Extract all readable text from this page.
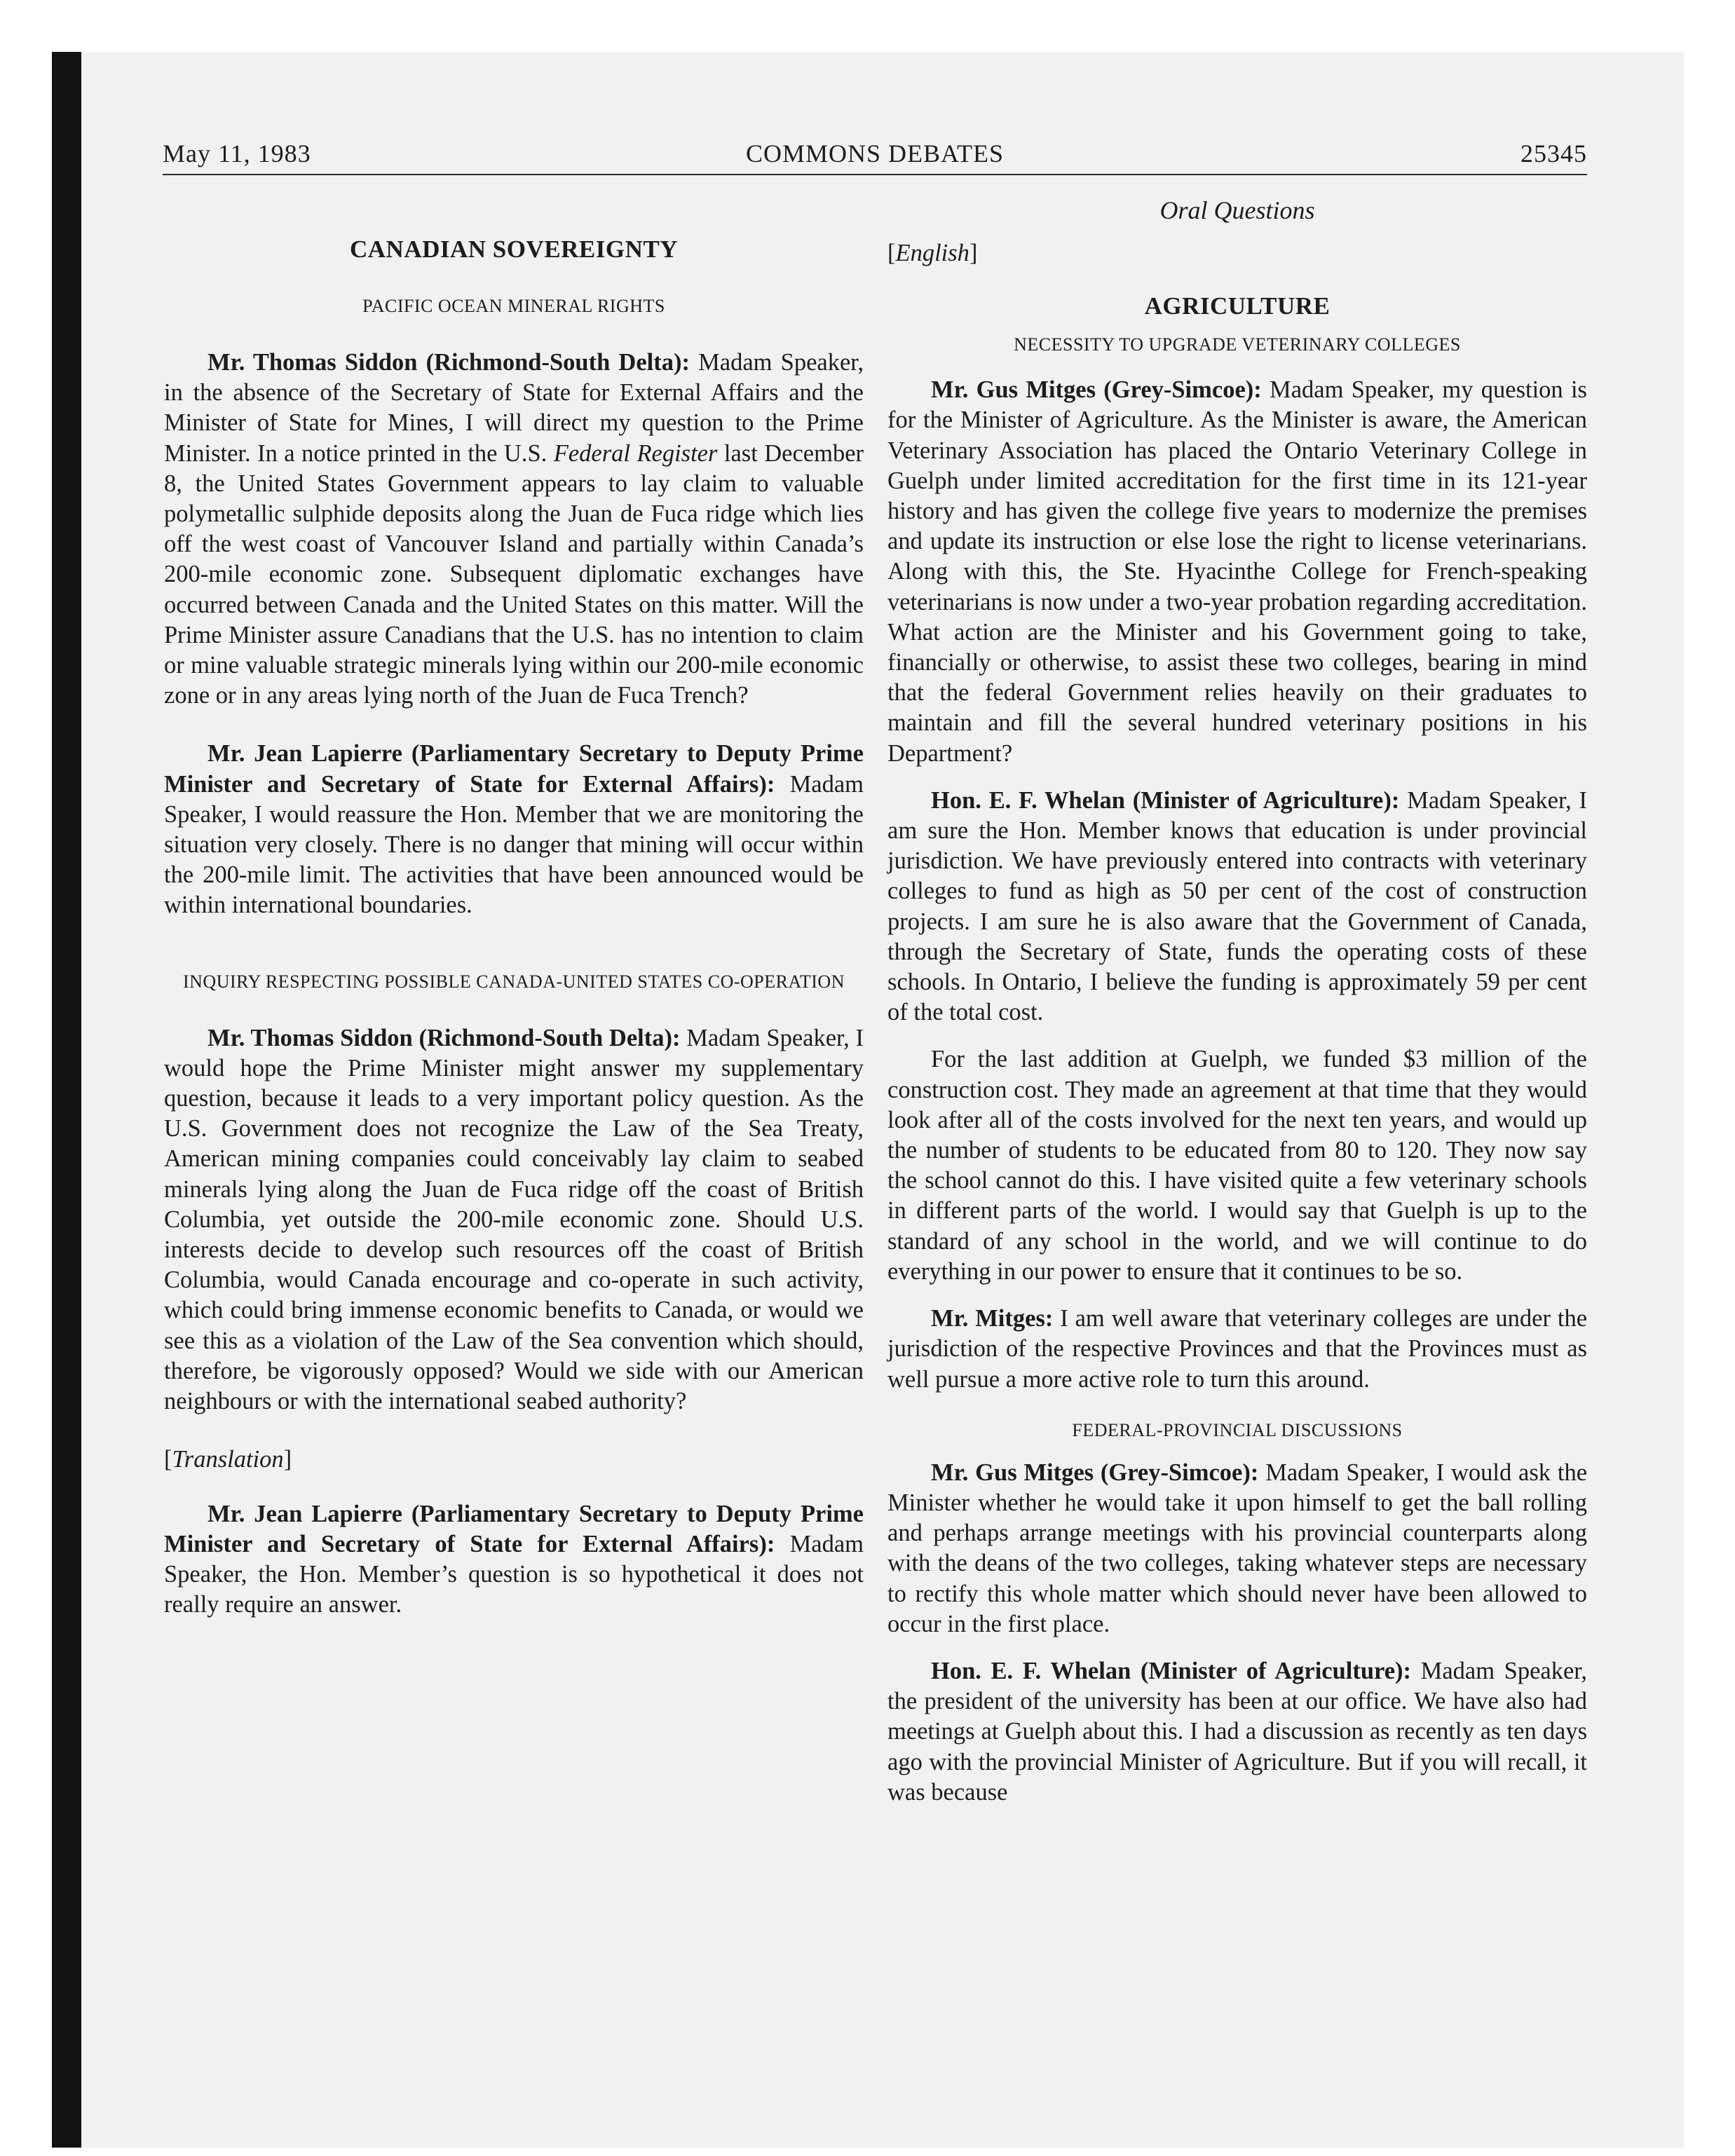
May 11, 1983	COMMONS DEBATES	25345
CANADIAN SOVEREIGNTY
PACIFIC OCEAN MINERAL RIGHTS

Mr. Thomas Siddon (Richmond-South Delta): Madam Speaker, in the absence of the Secretary of State for External Affairs and the Minister of State for Mines, I will direct my question to the Prime Minister. In a notice printed in the U.S. Federal Register last December 8, the United States Government appears to lay claim to valuable polymetallic sulphide deposits along the Juan de Fuca ridge which lies off the west coast of Vancouver Island and partially within Canada’s 200-mile economic zone. Subsequent diplomatic exchanges have occurred between Canada and the United States on this matter. Will the Prime Minister assure Canadians that the U.S. has no intention to claim or mine valuable strategic minerals lying within our 200-mile economic zone or in any areas lying north of the Juan de Fuca Trench?

Mr. Jean Lapierre (Parliamentary Secretary to Deputy Prime Minister and Secretary of State for External Affairs): Madam Speaker, I would reassure the Hon. Member that we are monitoring the situation very closely. There is no danger that mining will occur within the 200-mile limit. The activities that have been announced would be within international boundaries.

INQUIRY RESPECTING POSSIBLE CANADA-UNITED STATES CO-OPERATION

Mr. Thomas Siddon (Richmond-South Delta): Madam Speaker, I would hope the Prime Minister might answer my supplementary question, because it leads to a very important policy question. As the U.S. Government does not recognize the Law of the Sea Treaty, American mining companies could conceivably lay claim to seabed minerals lying along the Juan de Fuca ridge off the coast of British Columbia, yet outside the 200-mile economic zone. Should U.S. interests decide to develop such resources off the coast of British Columbia, would Canada encourage and co-operate in such activity, which could bring immense economic benefits to Canada, or would we see this as a violation of the Law of the Sea convention which should, therefore, be vigorously opposed? Would we side with our American neighbours or with the international seabed authority?

[Translation]

Mr. Jean Lapierre (Parliamentary Secretary to Deputy Prime Minister and Secretary of State for External Affairs): Madam Speaker, the Hon. Member’s question is so hypothetical it does not really require an answer.

Oral Questions

[English]

AGRICULTURE
NECESSITY TO UPGRADE VETERINARY COLLEGES

Mr. Gus Mitges (Grey-Simcoe): Madam Speaker, my question is for the Minister of Agriculture. As the Minister is aware, the American Veterinary Association has placed the Ontario Veterinary College in Guelph under limited accreditation for the first time in its 121-year history and has given the college five years to modernize the premises and update its instruction or else lose the right to license veterinarians. Along with this, the Ste. Hyacinthe College for French-speaking veterinarians is now under a two-year probation regarding accreditation. What action are the Minister and his Government going to take, financially or otherwise, to assist these two colleges, bearing in mind that the federal Government relies heavily on their graduates to maintain and fill the several hundred veterinary positions in his Department?

Hon. E. F. Whelan (Minister of Agriculture): Madam Speaker, I am sure the Hon. Member knows that education is under provincial jurisdiction. We have previously entered into contracts with veterinary colleges to fund as high as 50 per cent of the cost of construction projects. I am sure he is also aware that the Government of Canada, through the Secretary of State, funds the operating costs of these schools. In Ontario, I believe the funding is approximately 59 per cent of the total cost.

For the last addition at Guelph, we funded $3 million of the construction cost. They made an agreement at that time that they would look after all of the costs involved for the next ten years, and would up the number of students to be educated from 80 to 120. They now say the school cannot do this. I have visited quite a few veterinary schools in different parts of the world. I would say that Guelph is up to the standard of any school in the world, and we will continue to do everything in our power to ensure that it continues to be so.

Mr. Mitges: I am well aware that veterinary colleges are under the jurisdiction of the respective Provinces and that the Provinces must as well pursue a more active role to turn this around.

FEDERAL-PROVINCIAL DISCUSSIONS

Mr. Gus Mitges (Grey-Simcoe): Madam Speaker, I would ask the Minister whether he would take it upon himself to get the ball rolling and perhaps arrange meetings with his provincial counterparts along with the deans of the two colleges, taking whatever steps are necessary to rectify this whole matter which should never have been allowed to occur in the first place.

Hon. E. F. Whelan (Minister of Agriculture): Madam Speaker, the president of the university has been at our office. We have also had meetings at Guelph about this. I had a discussion as recently as ten days ago with the provincial Minister of Agriculture. But if you will recall, it was because
